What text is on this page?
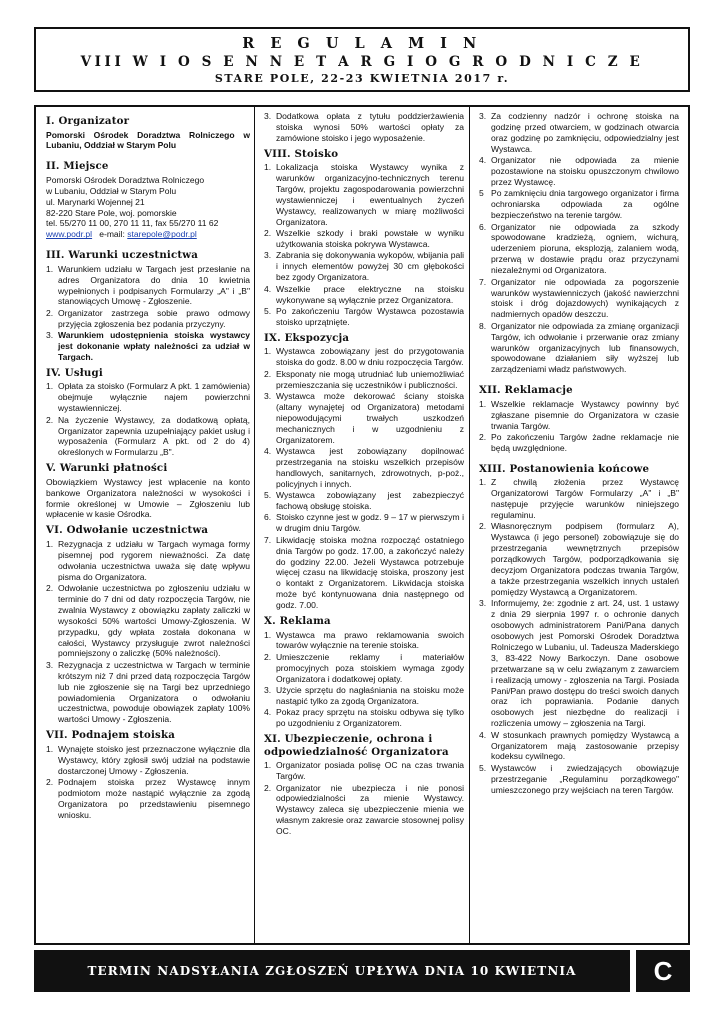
R E G U L A M I N
VIII W I O S E N N E T A R G I O G R O D N I C Z E
STARE POLE, 22-23 KWIETNIA 2017 r.
I. Organizator
Pomorski Ośrodek Doradztwa Rolniczego w Lubaniu, Oddział w Starym Polu
II. Miejsce
Pomorski Ośrodek Doradztwa Rolniczego
w Lubaniu, Oddział w Starym Polu
ul. Marynarki Wojennej 21
82-220 Stare Pole, woj. pomorskie
tel. 55/270 11 00, 270 11 11, fax 55/270 11 62
www.podr.pl   e-mail: starepole@podr.pl
III. Warunki uczestnictwa
1. Warunkiem udziału w Targach jest przesłanie na adres Organizatora do dnia 10 kwietnia wypełnionych i podpisanych Formularzy „A" i „B" stanowiących Umowę - Zgłoszenie.
2. Organizator zastrzega sobie prawo odmowy przyjęcia zgłoszenia bez podania przyczyny.
3. Warunkiem udostępnienia stoiska wystawcy jest dokonanie wpłaty należności za udział w Targach.
IV. Usługi
1. Opłata za stoisko (Formularz A pkt. 1 zamówienia) obejmuje wyłącznie najem powierzchni wystawienniczej.
2. Na życzenie Wystawcy, za dodatkową opłatą, Organizator zapewnia uzupełniający pakiet usług i wyposażenia (Formularz A pkt. od 2 do 4) określonych w Formularzu „B".
V. Warunki płatności
Obowiązkiem Wystawcy jest wpłacenie na konto bankowe Organizatora należności w wysokości i formie określonej w Umowie – Zgłoszeniu lub wpłacenie w kasie Ośrodka.
VI. Odwołanie uczestnictwa
1. Rezygnacja z udziału w Targach wymaga formy pisemnej pod rygorem nieważności. Za datę odwołania uczestnictwa uważa się datę wpływu pisma do Organizatora.
2. Odwołanie uczestnictwa po zgłoszeniu udziału w terminie do 7 dni od daty rozpoczęcia Targów, nie zwalnia Wystawcy z obowiązku zapłaty zaliczki w wysokości 50% wartości Umowy-Zgłoszenia. W przypadku, gdy wpłata została dokonana w całości, Wystawcy przysługuje zwrot należności pomniejszony o zaliczkę (50% należności).
3. Rezygnacja z uczestnictwa w Targach w terminie krótszym niż 7 dni przed datą rozpoczęcia Targów lub nie zgłoszenie się na Targi bez uprzedniego powiadomienia Organizatora o odwołaniu uczestnictwa, powoduje obowiązek zapłaty 100% wartości Umowy - Zgłoszenia.
VII. Podnajem stoiska
1. Wynajęte stoisko jest przeznaczone wyłącznie dla Wystawcy, który zgłosił swój udział na podstawie dostarczonej Umowy - Zgłoszenia.
2. Podnajem stoiska przez Wystawcę innym podmiotom może nastąpić wyłącznie za zgodą Organizatora po przedstawieniu pisemnego wniosku.
3. Dodatkowa opłata z tytułu poddzierżawienia stoiska wynosi 50% wartości opłaty za zamówione stoisko i jego wyposażenie.
VIII. Stoisko
1. Lokalizacja stoiska Wystawcy wynika z warunków organizacyjno-technicznych terenu Targów, projektu zagospodarowania powierzchni wystawienniczej i ewentualnych życzeń Wystawcy, realizowanych w miarę możliwości Organizatora.
2. Wszelkie szkody i braki powstałe w wyniku użytkowania stoiska pokrywa Wystawca.
3. Zabrania się dokonywania wykopów, wbijania pali i innych elementów powyżej 30 cm głębokości bez zgody Organizatora.
4. Wszelkie prace elektryczne na stoisku wykonywane są wyłącznie przez Organizatora.
5. Po zakończeniu Targów Wystawca pozostawia stoisko uprzątnięte.
IX. Ekspozycja
1. Wystawca zobowiązany jest do przygotowania stoiska do godz. 8.00 w dniu rozpoczęcia Targów.
2. Eksponaty nie mogą utrudniać lub uniemożliwiać przemieszczania się uczestników i publiczności.
3. Wystawca może dekorować ściany stoiska (altany wynajętej od Organizatora) metodami niepowodującymi trwałych uszkodzeń mechanicznych i w uzgodnieniu z Organizatorem.
4. Wystawca jest zobowiązany dopilnować przestrzegania na stoisku wszelkich przepisów handlowych, sanitarnych, zdrowotnych, p-poż., policyjnych i innych.
5. Wystawca zobowiązany jest zabezpieczyć fachową obsługę stoiska.
6. Stoisko czynne jest w godz. 9 – 17 w pierwszym i w drugim dniu Targów.
7. Likwidację stoiska można rozpocząć ostatniego dnia Targów po godz. 17.00, a zakończyć należy do godziny 22.00. Jeżeli Wystawca potrzebuje więcej czasu na likwidację stoiska, proszony jest o kontakt z Organizatorem. Likwidacja stoiska może być kontynuowana dnia następnego od godz. 7.00.
X. Reklama
1. Wystawca ma prawo reklamowania swoich towarów wyłącznie na terenie stoiska.
2. Umieszczenie reklamy i materiałów promocyjnych poza stoiskiem wymaga zgody Organizatora i dodatkowej opłaty.
3. Użycie sprzętu do nagłaśniania na stoisku może nastąpić tylko za zgodą Organizatora.
4. Pokaz pracy sprzętu na stoisku odbywa się tylko po uzgodnieniu z Organizatorem.
XI. Ubezpieczenie, ochrona i odpowiedzialność Organizatora
1. Organizator posiada polisę OC na czas trwania Targów.
2. Organizator nie ubezpiecza i nie ponosi odpowiedzialności za mienie Wystawcy. Wystawcy zaleca się ubezpieczenie mienia we własnym zakresie oraz zawarcie stosownej polisy OC.
3. Za codzienny nadzór i ochronę stoiska na godzinę przed otwarciem, w godzinach otwarcia oraz godzinę po zamknięciu, odpowiedzialny jest Wystawca.
4. Organizator nie odpowiada za mienie pozostawione na stoisku opuszczonym chwilowo przez Wystawcę.
5 Po zamknięciu dnia targowego organizator i firma ochroniarska odpowiada za ogólne bezpieczeństwo na terenie targów.
6. Organizator nie odpowiada za szkody spowodowane kradzieżą, ogniem, wichurą, uderzeniem pioruna, eksplozją, zalaniem wodą, przerwą w dostawie prądu oraz przyczynami niezależnymi od Organizatora.
7. Organizator nie odpowiada za pogorszenie warunków wystawienniczych (jakość nawierzchni stoisk i dróg dojazdowych) wynikających z nadmiernych opadów deszczu.
8. Organizator nie odpowiada za zmianę organizacji Targów, ich odwołanie i przerwanie oraz zmiany warunków organizacyjnych lub finansowych, spowodowane działaniem siły wyższej lub zarządzeniami władz państwowych.
XII. Reklamacje
1. Wszelkie reklamacje Wystawcy powinny być zgłaszane pisemnie do Organizatora w czasie trwania Targów.
2. Po zakończeniu Targów żadne reklamacje nie będą uwzględnione.
XIII. Postanowienia końcowe
1. Z chwilą złożenia przez Wystawcę Organizatorowi Targów Formularzy „A" i „B" następuje przyjęcie warunków niniejszego regulaminu.
2. Własnoręcznym podpisem (formularz A), Wystawca (i jego personel) zobowiązuje się do przestrzegania wewnętrznych przepisów porządkowych Targów, podporządkowania się decyzjom Organizatora podczas trwania Targów, a także przestrzegania wszelkich innych ustaleń pomiędzy Wystawcą a Organizatorem.
3. Informujemy, że: zgodnie z art. 24, ust. 1 ustawy z dnia 29 sierpnia 1997 r. o ochronie danych osobowych administratorem Pani/Pana danych osobowych jest Pomorski Ośrodek Doradztwa Rolniczego w Lubaniu, ul. Tadeusza Maderskiego 3, 83-422 Nowy Barkoczyn. Dane osobowe przetwarzane są w celu związanym z zawarciem i realizacją umowy - zgłoszenia na Targi. Posiada Pani/Pan prawo dostępu do treści swoich danych oraz ich poprawiania. Podanie danych osobowych jest niezbędne do realizacji i rozliczenia umowy – zgłoszenia na Targi.
4. W stosunkach prawnych pomiędzy Wystawcą a Organizatorem mają zastosowanie przepisy kodeksu cywilnego.
5. Wystawców i zwiedzających obowiązuje przestrzeganie „Regulaminu porządkowego" umieszczonego przy wejściach na teren Targów.
TERMIN NADSYŁANIA ZGŁOSZEŃ UPŁYWA DNIA 10 KWIETNIA	C
